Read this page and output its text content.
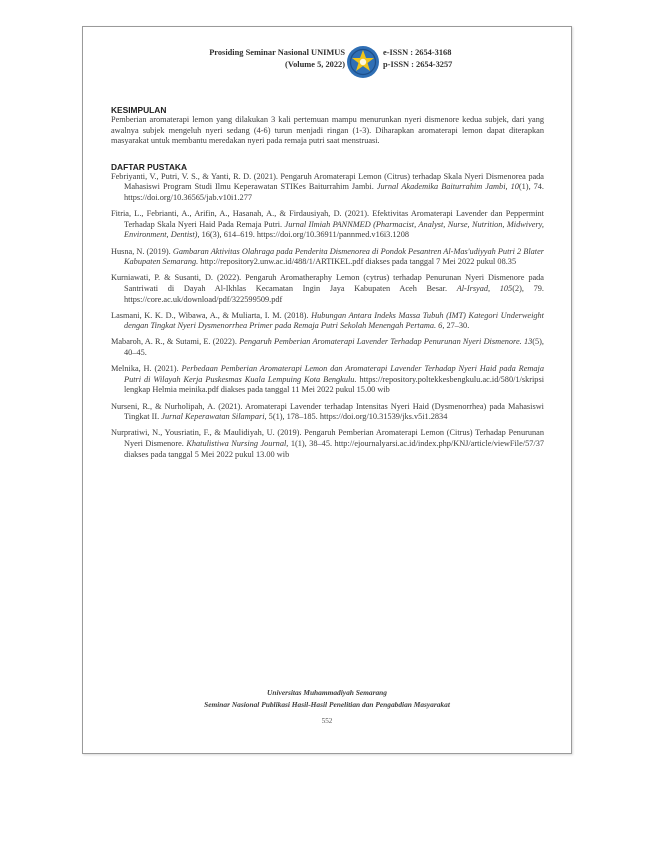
Prosiding Seminar Nasional UNIMUS
(Volume 5, 2022)
e-ISSN : 2654-3168
p-ISSN : 2654-3257
KESIMPULAN

Pemberian aromaterapi lemon yang dilakukan 3 kali pertemuan mampu menurunkan nyeri dismenore kedua subjek, dari yang awalnya subjek mengeluh nyeri sedang (4-6) turun menjadi ringan (1-3). Diharapkan aromaterapi lemon dapat diterapkan masyarakat untuk membantu meredakan nyeri pada remaja putri saat menstruasi.

DAFTAR PUSTAKA

Febriyanti, V., Putri, V. S., & Yanti, R. D. (2021). Pengaruh Aromaterapi Lemon (Citrus) terhadap Skala Nyeri Dismenorea pada Mahasiswi Program Studi Ilmu Keperawatan STIKes Baiturrahim Jambi. Jurnal Akademika Baiturrahim Jambi, 10(1), 74. https://doi.org/10.36565/jab.v10i1.277

Fitria, L., Febrianti, A., Arifin, A., Hasanah, A., & Firdausiyah, D. (2021). Efektivitas Aromaterapi Lavender dan Peppermint Terhadap Skala Nyeri Haid Pada Remaja Putri. Jurnal Ilmiah PANNMED (Pharmacist, Analyst, Nurse, Nutrition, Midwivery, Environment, Dentist), 16(3), 614–619. https://doi.org/10.36911/pannmed.v16i3.1208

Husna, N. (2019). Gambaran Aktivitas Olahraga pada Penderita Dismenorea di Pondok Pesantren Al-Mas'udiyyah Putri 2 Blater Kabupaten Semarang. http://repository2.unw.ac.id/488/1/ARTIKEL.pdf diakses pada tanggal 7 Mei 2022 pukul 08.35

Kurniawati, P. & Susanti, D. (2022). Pengaruh Aromatheraphy Lemon (cytrus) terhadap Penurunan Nyeri Dismenore pada Santriwati di Dayah Al-Ikhlas Kecamatan Ingin Jaya Kabupaten Aceh Besar. Al-Irsyad, 105(2), 79. https://core.ac.uk/download/pdf/322599509.pdf

Lasmani, K. K. D., Wibawa, A., & Muliarta, I. M. (2018). Hubungan Antara Indeks Massa Tubuh (IMT) Kategori Underweight dengan Tingkat Nyeri Dysmenorrhea Primer pada Remaja Putri Sekolah Menengah Pertama. 6, 27–30.

Mabaroh, A. R., & Sutami, E. (2022). Pengaruh Pemberian Aromaterapi Lavender Terhadap Penurunan Nyeri Dismenore. 13(5), 40–45.

Melnika, H. (2021). Perbedaan Pemberian Aromaterapi Lemon dan Aromaterapi Lavender Terhadap Nyeri Haid pada Remaja Putri di Wilayah Kerja Puskesmas Kuala Lempuing Kota Bengkulu. https://repository.poltekkesbengkulu.ac.id/580/1/skripsi lengkap Helmia meinika.pdf diakses pada tanggal 11 Mei 2022 pukul 15.00 wib

Nurseni, R., & Nurholipah, A. (2021). Aromaterapi Lavender terhadap Intensitas Nyeri Haid (Dysmenorrhea) pada Mahasiswi Tingkat II. Jurnal Keperawatan Silampari, 5(1), 178–185. https://doi.org/10.31539/jks.v5i1.2834

Nurpratiwi, N., Yousriatin, F., & Maulidiyah, U. (2019). Pengaruh Pemberian Aromaterapi Lemon (Citrus) Terhadap Penurunan Nyeri Dismenore. Khatulistiwa Nursing Journal, 1(1), 38–45. http://ejournalyarsi.ac.id/index.php/KNJ/article/viewFile/57/37 diakses pada tanggal 5 Mei 2022 pukul 13.00 wib

Universitas Muhammadiyah Semarang
Seminar Nasional Publikasi Hasil-Hasil Penelitian dan Pengabdian Masyarakat
552
